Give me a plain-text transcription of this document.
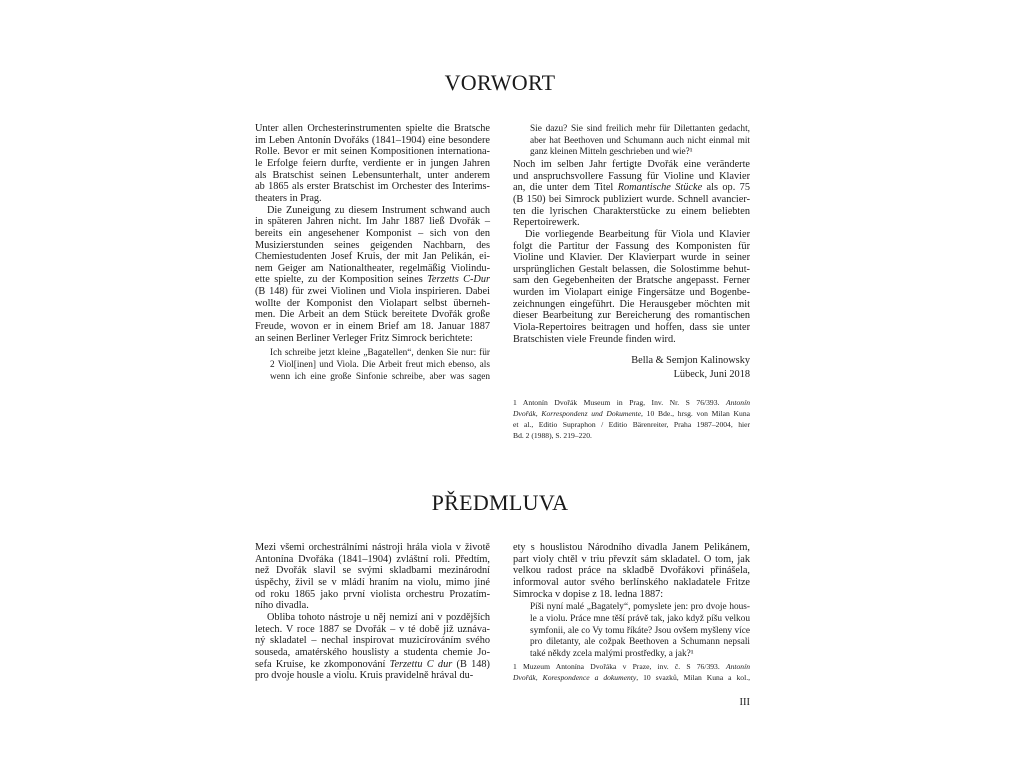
VORWORT
PŘEDMLUVA
Unter allen Orchesterinstrumenten spielte die Bratsche
im Leben Antonín Dvořáks (1841–1904) eine besondere
Rolle. Bevor er mit seinen Kompositionen internationa-
le Erfolge feiern durfte, verdiente er in jungen Jahren
als Bratschist seinen Lebensunterhalt, unter anderem
ab 1865 als erster Bratschist im Orchester des Interims-
theaters in Prag.
Die Zuneigung zu diesem Instrument schwand auch
in späteren Jahren nicht. Im Jahr 1887 ließ Dvořák –
bereits ein angesehener Komponist – sich von den
Musizierstunden seines geigenden Nachbarn, des
Chemiestudenten Josef Kruis, der mit Jan Pelikán, ei-
nem Geiger am Nationaltheater, regelmäßig Violindu-
ette spielte, zu der Komposition seines Terzetts C-Dur
(B 148) für zwei Violinen und Viola inspirieren. Dabei
wollte der Komponist den Violapart selbst überneh-
men. Die Arbeit an dem Stück bereitete Dvořák große
Freude, wovon er in einem Brief am 18. Januar 1887
an seinen Berliner Verleger Fritz Simrock berichtete:
Ich schreibe jetzt kleine „Bagatellen“, denken Sie nur: für
2 Viol[inen] und Viola. Die Arbeit freut mich ebenso, als
wenn ich eine große Sinfonie schreibe, aber was sagen
Sie dazu? Sie sind freilich mehr für Dilettanten gedacht,
aber hat Beethoven und Schumann auch nicht einmal mit
ganz kleinen Mitteln geschrieben und wie?¹
Noch im selben Jahr fertigte Dvořák eine veränderte
und anspruchsvollere Fassung für Violine und Klavier
an, die unter dem Titel Romantische Stücke als op. 75
(B 150) bei Simrock publiziert wurde. Schnell avancier-
ten die lyrischen Charakterstücke zu einem beliebten
Repertoirewerk.
Die vorliegende Bearbeitung für Viola und Klavier
folgt die Partitur der Fassung des Komponisten für
Violine und Klavier. Der Klavierpart wurde in seiner
ursprünglichen Gestalt belassen, die Solostimme behut-
sam den Gegebenheiten der Bratsche angepasst. Ferner
wurden im Violapart einige Fingersätze und Bogenbe-
zeichnungen eingeführt. Die Herausgeber möchten mit
dieser Bearbeitung zur Bereicherung des romantischen
Viola-Repertoires beitragen und hoffen, dass sie unter
Bratschisten viele Freunde finden wird.
Bella & Semjon Kalinowsky
Lübeck, Juni 2018
1 Antonín Dvořák Museum in Prag, Inv. Nr. S 76/393. Antonín
Dvořák, Korrespondenz und Dokumente, 10 Bde., hrsg. von Milan Kuna
et al., Editio Supraphon / Editio Bärenreiter, Praha 1987–2004, hier
Bd. 2 (1988), S. 219–220.
Mezi všemi orchestrálními nástroji hrála viola v životě
Antonína Dvořáka (1841–1904) zvláštní roli. Předtím,
než Dvořák slavil se svými skladbami mezinárodní
úspěchy, živil se v mládí hraním na violu, mimo jiné
od roku 1865 jako první violista orchestru Prozatím-
ního divadla.
Obliba tohoto nástroje u něj nemizí ani v pozdějších
letech. V roce 1887 se Dvořák – v té době již uznáva-
ný skladatel – nechal inspirovat muzicírováním svého
souseda, amatérského houslisty a studenta chemie Jo-
sefa Kruise, ke zkomponování Terzettu C dur (B 148)
pro dvoje housle a violu. Kruis pravidelně hrával du-
ety s houslistou Národního divadla Janem Pelikánem,
part violy chtěl v triu převzít sám skladatel. O tom, jak
velkou radost práce na skladbě Dvořákovi přinášela,
informoval autor svého berlínského nakladatele Fritze
Simrocka v dopise z 18. ledna 1887:
Píši nyní malé „Bagately“, pomyslete jen: pro dvoje hous-
le a violu. Práce mne těší právě tak, jako když píšu velkou
symfonii, ale co Vy tomu říkáte? Jsou ovšem myšleny více
pro diletanty, ale cožpak Beethoven a Schumann nepsali
také někdy zcela malými prostředky, a jak?¹
1 Muzeum Antonína Dvořáka v Praze, inv. č. S 76/393. Antonín
Dvořák, Korespondence a dokumenty, 10 svazků, Milan Kuna a kol.,
III
